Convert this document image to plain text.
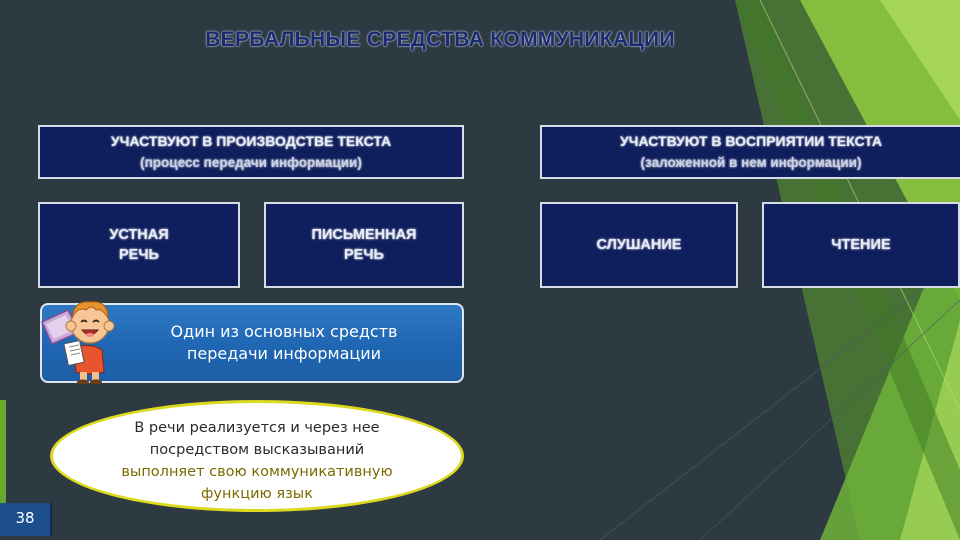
ВЕРБАЛЬНЫЕ СРЕДСТВА КОММУНИКАЦИИ
УЧАСТВУЮТ В ПРОИЗВОДСТВЕ ТЕКСТА
(процесс передачи информации)
УСТНАЯ
РЕЧЬ
ПИСЬМЕННАЯ
РЕЧЬ
УЧАСТВУЮТ В ВОСПРИЯТИИ ТЕКСТА
(заложенной в нем информации)
СЛУШАНИЕ	ЧТЕНИЕ
Один из основных средств
передачи информации
В речи реализуется и через нее
посредством высказываний
выполняет свою коммуникативную
функцию язык
38
